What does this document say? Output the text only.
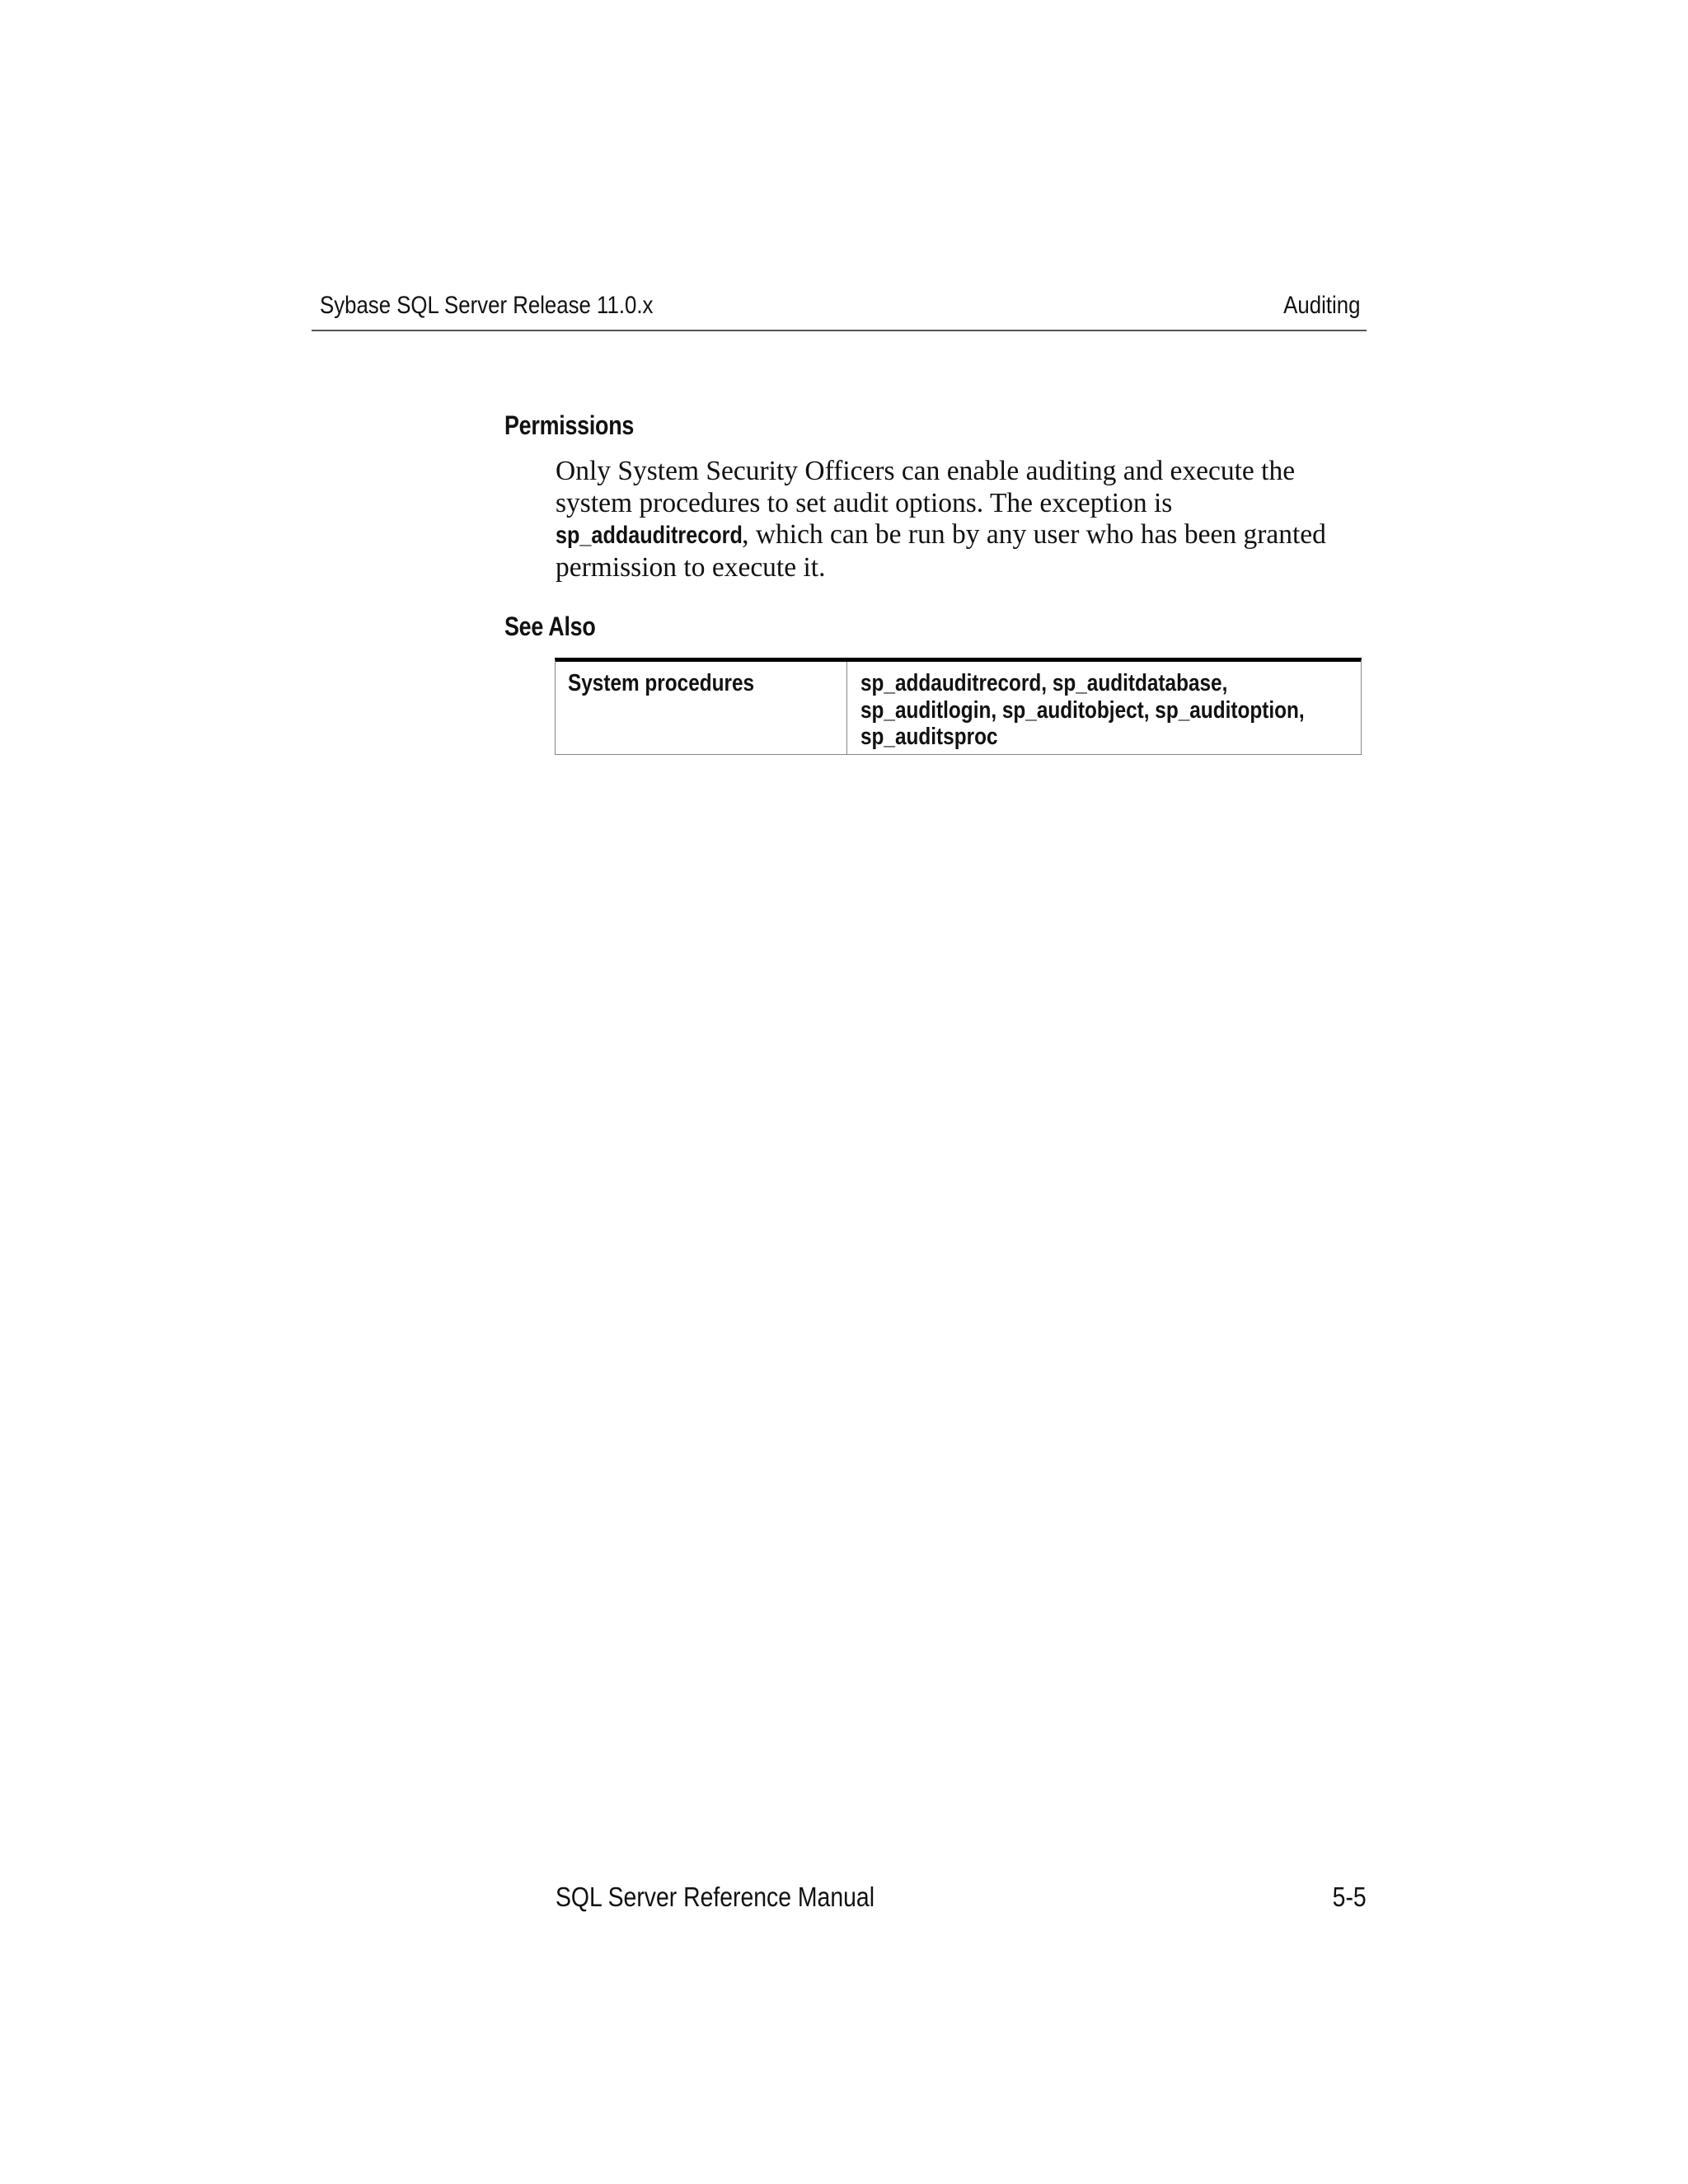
Sybase SQL Server Release 11.0.x	Auditing
Permissions
Only System Security Officers can enable auditing and execute the
system procedures to set audit options. The exception is
sp_addauditrecord, which can be run by any user who has been granted
permission to execute it.
See Also
System procedures	sp_addauditrecord, sp_auditdatabase,
sp_auditlogin, sp_auditobject, sp_auditoption,
sp_auditsproc
SQL Server Reference Manual	5-5
